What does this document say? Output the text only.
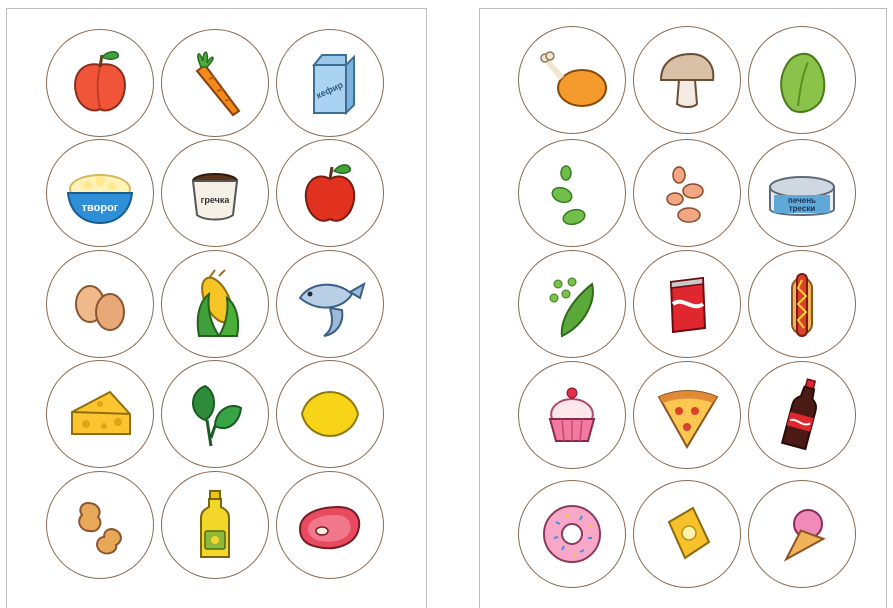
кефир
творог
гречка	печень
трески
